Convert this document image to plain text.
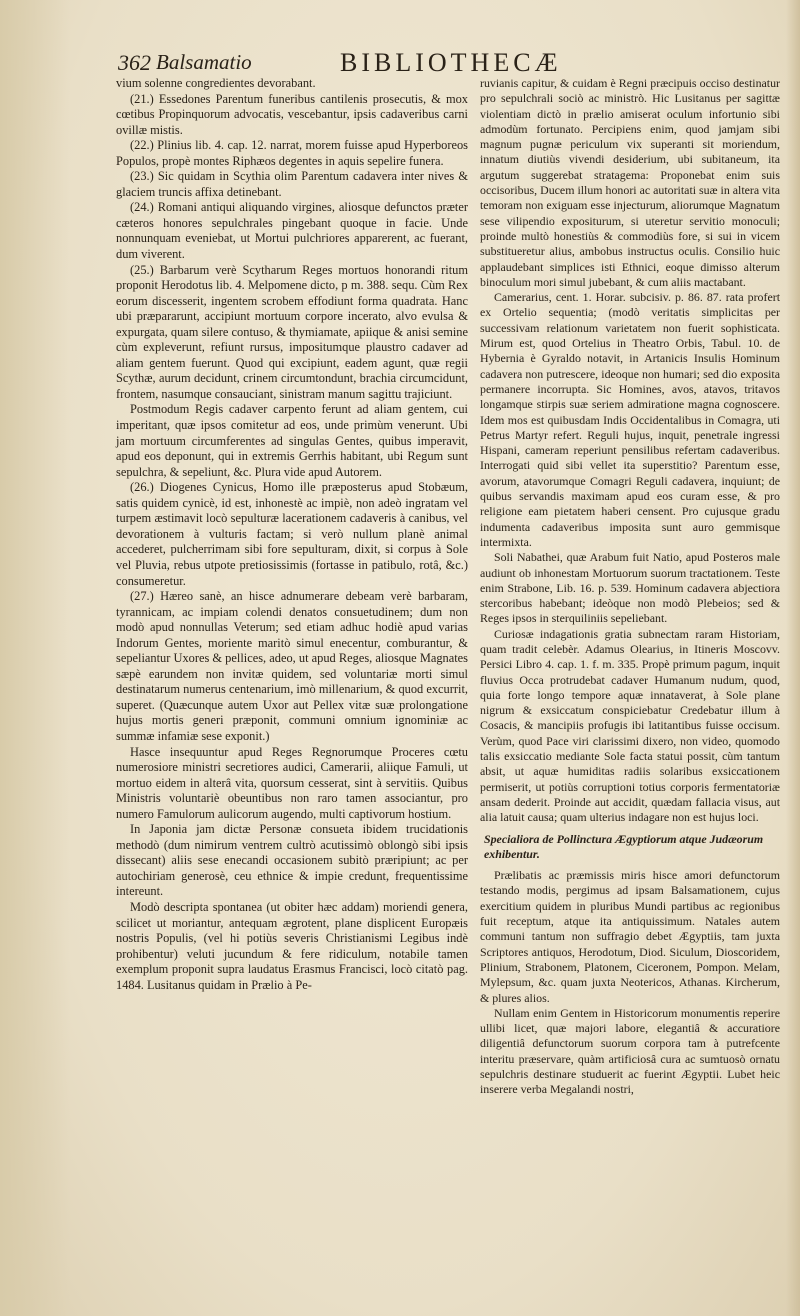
362 Balsamatio	BIBLIOTHECÆ

vium solenne congredientes devorabant.

(21.) Essedones Parentum funeribus cantilenis prosecutis, & mox cœtibus Propinquorum advocatis, vescebantur, ipsis cadaveribus carni ovillæ mistis.

(22.) Plinius lib. 4. cap. 12. narrat, morem fuisse apud Hyperboreos Populos, propè montes Riphæos degentes in aquis sepelire funera.

(23.) Sic quidam in Scythia olim Parentum cadavera inter nives & glaciem truncis affixa detinebant.

(24.) Romani antiqui aliquando virgines, aliosque defunctos præter cæteros honores sepulchrales pingebant quoque in facie. Unde nonnunquam eveniebat, ut Mortui pulchriores apparerent, ac fuerant, dum viverent.

(25.) Barbarum verè Scytharum Reges mortuos honorandi ritum proponit Herodotus lib. 4. Melpomene dicto, p m. 388. sequ. Cùm Rex eorum discesserit, ingentem scrobem effodiunt forma quadrata. Hanc ubi præpararunt, accipiunt mortuum corpore incerato, alvo evulsa & expurgata, quam silere contuso, & thymiamate, apiique & anisi semine cùm expleverunt, refiunt rursus, impositumque plaustro cadaver ad aliam gentem fuerunt. Quod qui excipiunt, eadem agunt, quæ regii Scythæ, aurum decidunt, crinem circumtondunt, brachia circumcidunt, frontem, nasumque consauciant, sinistram manum sagittu trajiciunt.

Postmodum Regis cadaver carpento ferunt ad aliam gentem, cui imperitant, quæ ipsos comitetur ad eos, unde primùm venerunt. Ubi jam mortuum circumferentes ad singulas Gentes, quibus imperavit, apud eos deponunt, qui in extremis Gerrhis habitant, ubi Regum sunt sepulchra, & sepeliunt, &c. Plura vide apud Autorem.

(26.) Diogenes Cynicus, Homo ille præposterus apud Stobæum, satis quidem cynicè, id est, inhonestè ac impiè, non adeò ingratam vel turpem æstimavit locò sepulturæ lacerationem cadaveris à canibus, vel devorationem à vulturis factam; si verò nullum planè animal accederet, pulcherrimam sibi fore sepulturam, dixit, si corpus à Sole vel Pluvia, rebus utpote pretiosissimis (fortasse in patibulo, rotâ, &c.) consumeretur.

(27.) Hæreo sanè, an hisce adnumerare debeam verè barbaram, tyrannicam, ac impiam colendi denatos consuetudinem; dum non modò apud nonnullas Veterum; sed etiam adhuc hodiè apud varias Indorum Gentes, moriente maritò simul enecentur, comburantur, & sepeliantur Uxores & pellices, adeo, ut apud Reges, aliosque Magnates sæpè earundem non invitæ quidem, sed voluntariæ morti simul destinatarum numerus centenarium, imò millenarium, & quod excurrit, superet. (Quæcunque autem Uxor aut Pellex vitæ suæ prolongatione hujus mortis generi præponit, communi omnium ignominiæ ac summæ infamiæ sese exponit.)

Hasce insequuntur apud Reges Regnorumque Proceres cœtu numerosiore ministri secretiores audici, Camerarii, aliique Famuli, ut mortuo eidem in alterâ vita, quorsum cesserat, sint à servitiis. Quibus Ministris voluntariè obeuntibus non raro tamen associantur, pro numero Famulorum aulicorum augendo, multi captivorum hostium.

In Japonia jam dictæ Personæ consueta ibidem trucidationis methodò (dum nimirum ventrem cultrò acutissimò oblongò sibi ipsis dissecant) aliis sese enecandi occasionem subitò præripiunt; ac per autochiriam generosè, ceu ethnice & impie credunt, frequentissime intereunt.

Modò descripta spontanea (ut obiter hæc addam) moriendi genera, scilicet ut moriantur, antequam ægrotent, plane displicent Europæis nostris Populis, (vel hi potiùs severis Christianismi Legibus indè prohibentur) veluti jucundum & fere ridiculum, notabile tamen exemplum proponit supra laudatus Erasmus Francisci, locò citatò pag. 1484. Lusitanus quidam in Prælio à Pe-

ruvianis capitur, & cuidam è Regni præcipuis occiso destinatur pro sepulchrali sociò ac ministrò. Hic Lusitanus per sagittæ violentiam dictò in prælio amiserat oculum infortunio sibi admodùm fortunato. Percipiens enim, quod jamjam sibi magnum pugnæ periculum vix superanti sit moriendum, innatum diutiùs vivendi desiderium, ubi subitaneum, ita argutum suggerebat stratagema: Proponebat enim suis occisoribus, Ducem illum honori ac autoritati suæ in altera vita temoram non exiguam esse injecturum, aliorumque Magnatum sese vilipendio expositurum, si uteretur servitio monoculi; proinde multò honestiùs & commodiùs fore, si sui in vicem substitueretur alius, ambobus instructus oculis. Consilio huic applaudebant simplices isti Ethnici, eoque dimisso alterum binoculum mori simul jubebant, & cum aliis mactabant.

Camerarius, cent. 1. Horar. subcisiv. p. 86. 87. rata profert ex Ortelio sequentia; (modò veritatis simplicitas per successivam relationum varietatem non fuerit sophisticata. Mirum est, quod Ortelius in Theatro Orbis, Tabul. 10. de Hybernia è Gyraldo notavit, in Artanicis Insulis Hominum cadavera non putrescere, ideoque non humari; sed dio exposita permanere incorrupta. Sic Homines, avos, atavos, tritavos longamque stirpis suæ seriem admiratione magna cognoscere. Idem mos est quibusdam Indis Occidentalibus in Comagra, uti Petrus Martyr refert. Reguli hujus, inquit, penetrale ingressi Hispani, cameram reperiunt pensilibus refertam cadaveribus. Interrogati quid sibi vellet ita superstitio? Parentum esse, avorum, atavorumque Comagri Reguli cadavera, inquiunt; de quibus servandis maximam apud eos curam esse, & pro religione eam pietatem haberi censent. Pro cujusque gradu indumenta cadaveribus imposita sunt auro gemmisque intermixta.

Soli Nabathei, quæ Arabum fuit Natio, apud Posteros male audiunt ob inhonestam Mortuorum suorum tractationem. Teste enim Strabone, Lib. 16. p. 539. Hominum cadavera abjectiora stercoribus habebant; ideòque non modò Plebeios; sed & Reges ipsos in sterquiliniis sepeliebant.

Curiosæ indagationis gratia subnectam raram Historiam, quam tradit celebèr. Adamus Olearius, in Itineris Moscovv. Persici Libro 4. cap. 1. f. m. 335. Propè primum pagum, inquit fluvius Occa protrudebat cadaver Humanum nudum, quod, quia forte longo tempore aquæ innataverat, à Sole plane nigrum & exsiccatum conspiciebatur Credebatur illum à Cosacis, & mancipiis profugis ibi latitantibus fuisse occisum. Verùm, quod Pace viri clarissimi dixero, non video, quomodo talis exsiccatio mediante Sole facta statui possit, cùm tantum absit, ut aquæ humiditas radiis solaribus exsiccationem permiserit, ut potiùs corruptioni totius corporis fermentatoriæ ansam dederit. Proinde aut accidit, quædam fallacia visus, aut alia latuit causa; quam ulterius indagare non est hujus loci.

Specialiora de Pollinctura Ægyptiorum atque Judæorum exhibentur.

Prælibatis ac præmissis miris hisce amori defunctorum testando modis, pergimus ad ipsam Balsamationem, cujus exercitium quidem in pluribus Mundi partibus ac regionibus fuit receptum, atque ita antiquissimum. Natales autem communi tantum non suffragio debet Ægyptiis, tam juxta Scriptores antiquos, Herodotum, Diod. Siculum, Dioscoridem, Plinium, Strabonem, Platonem, Ciceronem, Pompon. Melam, Mylepsum, &c. quam juxta Neotericos, Athanas. Kircherum, & plures alios.

Nullam enim Gentem in Historicorum monumentis reperire ullibi licet, quæ majori labore, elegantiâ & accuratiore diligentiâ defunctorum suorum corpora tam à putrefcente interitu præservare, quàm artificiosâ cura ac sumtuosò ornatu sepulchris destinare studuerit ac fuerint Ægyptii. Lubet heic inserere verba Megalandi nostri,
